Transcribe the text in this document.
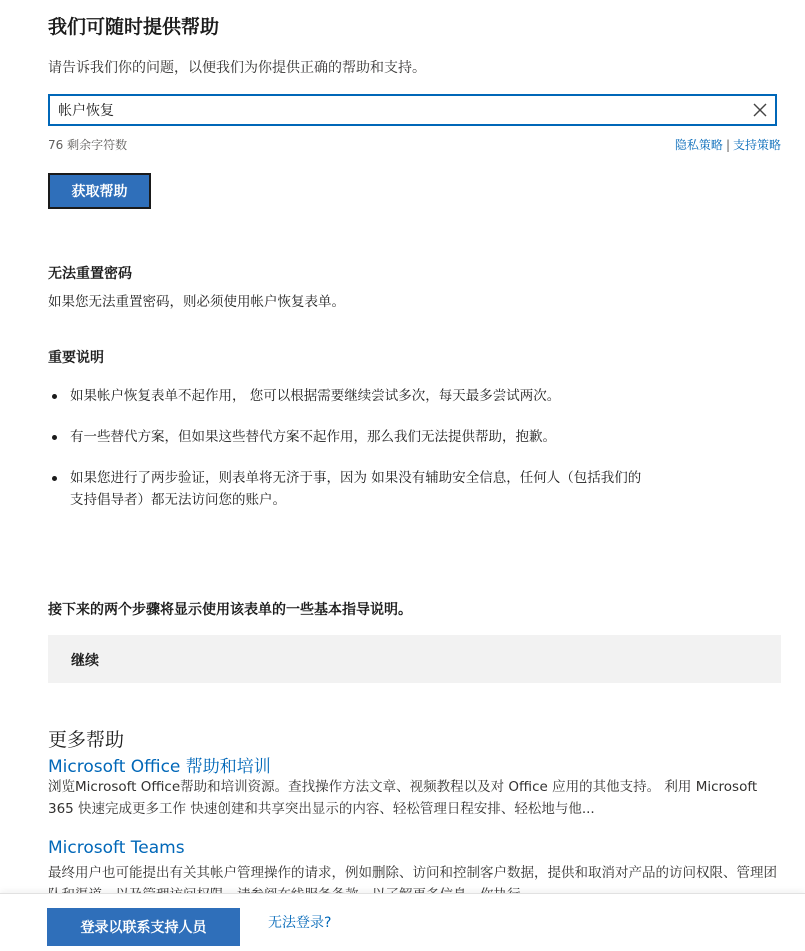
我们可随时提供帮助
请告诉我们你的问题，以便我们为你提供正确的帮助和支持。
帐户恢复
76 剩余字符数	隐私策略 | 支持策略
获取帮助
无法重置密码
如果您无法重置密码，则必须使用帐户恢复表单。
重要说明
如果帐户恢复表单不起作用， 您可以根据需要继续尝试多次，每天最多尝试两次。
有一些替代方案，但如果这些替代方案不起作用，那么我们无法提供帮助，抱歉。
如果您进行了两步验证，则表单将无济于事，因为 如果没有辅助安全信息，任何人（包括我们的支持倡导者）都无法访问您的账户。
接下来的两个步骤将显示使用该表单的一些基本指导说明。
继续
更多帮助
Microsoft Office 帮助和培训
浏览Microsoft Office帮助和培训资源。查找操作方法文章、视频教程以及对 Office 应用的其他支持。 利用 Microsoft 365 快速完成更多工作 快速创建和共享突出显示的内容、轻松管理日程安排、轻松地与他...
Microsoft Teams
最终用户也可能提出有关其帐户管理操作的请求，例如删除、访问和控制客户数据，提供和取消对产品的访问权限、管理团
登录以联系支持人员	无法登录?
